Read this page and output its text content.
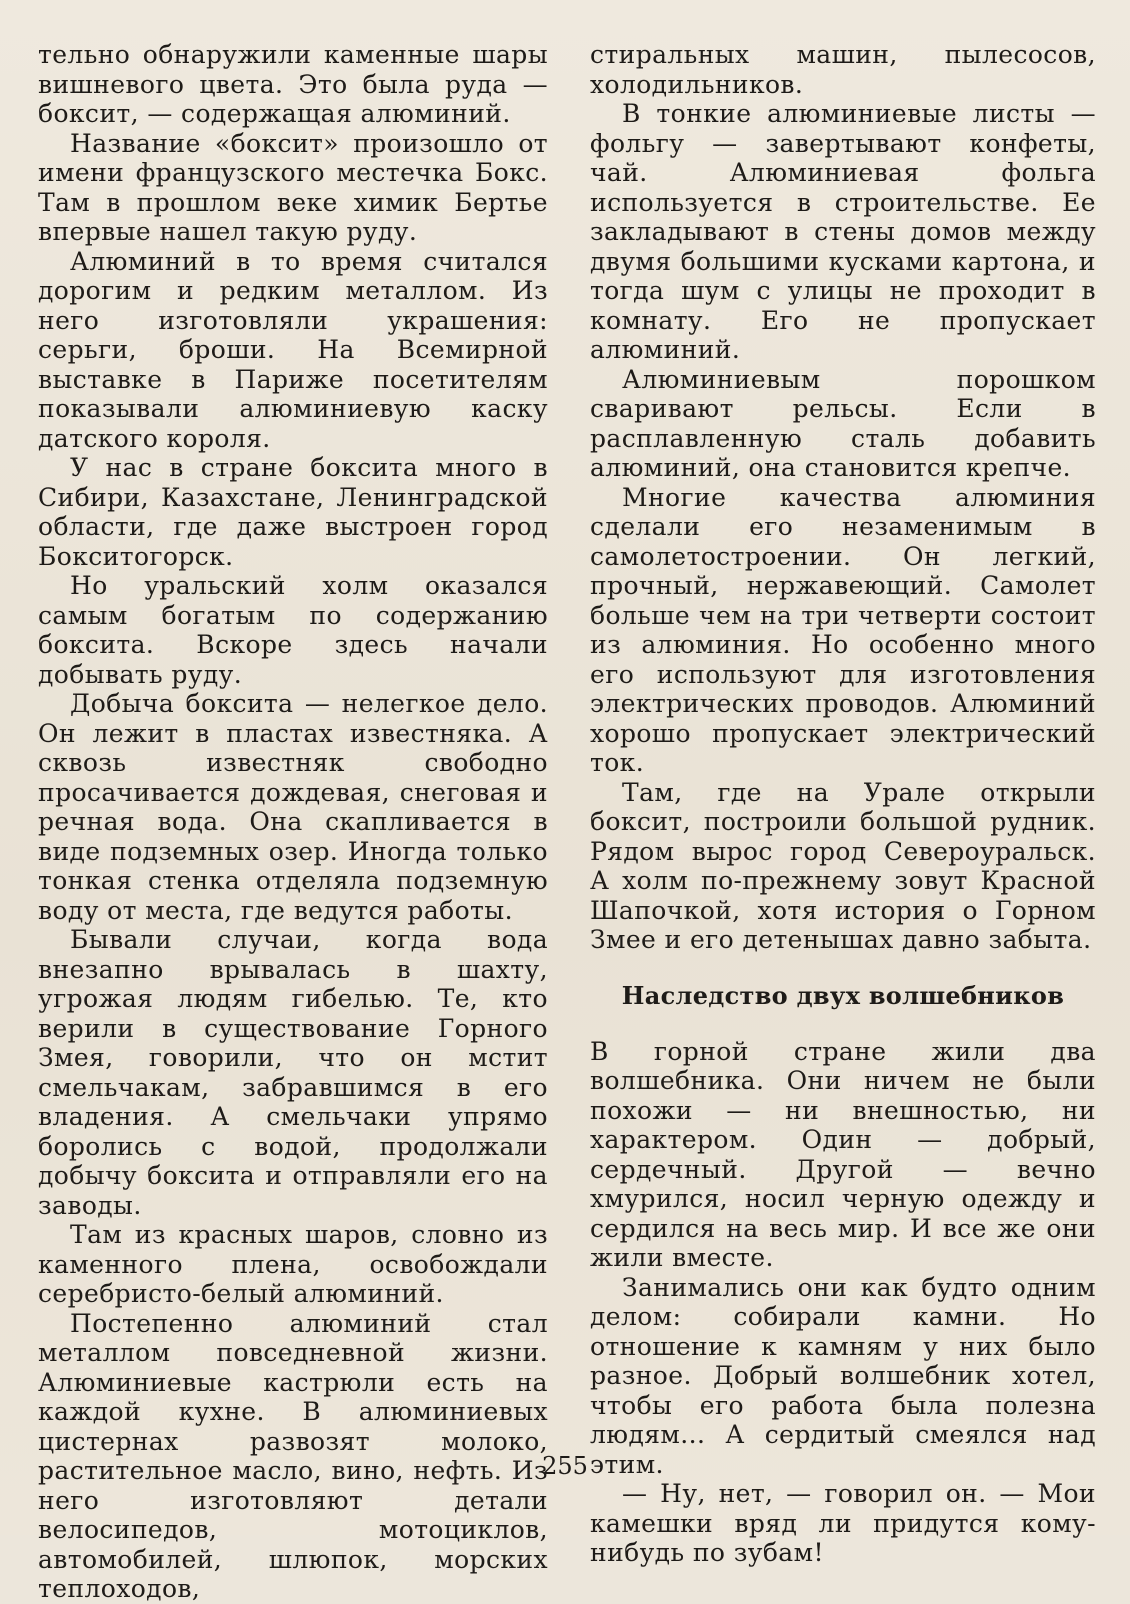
тельно обнаружили каменные шары вишневого цвета. Это была руда — боксит, — содержащая алюминий.

Название «боксит» произошло от имени французского местечка Бокс. Там в прошлом веке химик Бертье впервые нашел такую руду.

Алюминий в то время считался дорогим и редким металлом. Из него изготовляли украшения: серьги, броши. На Всемирной выставке в Париже посетителям показывали алюминиевую каску датского короля.

У нас в стране боксита много в Сибири, Казахстане, Ленинградской области, где даже выстроен город Бокситогорск.

Но уральский холм оказался самым богатым по содержанию боксита. Вскоре здесь начали добывать руду.

Добыча боксита — нелегкое дело. Он лежит в пластах известняка. А сквозь известняк свободно просачивается дождевая, снеговая и речная вода. Она скапливается в виде подземных озер. Иногда только тонкая стенка отделяла подземную воду от места, где ведутся работы.

Бывали случаи, когда вода внезапно врывалась в шахту, угрожая людям гибелью. Те, кто верили в существование Горного Змея, говорили, что он мстит смельчакам, забравшимся в его владения. А смельчаки упрямо боролись с водой, продолжали добычу боксита и отправляли его на заводы.

Там из красных шаров, словно из каменного плена, освобождали серебристо-белый алюминий.

Постепенно алюминий стал металлом повседневной жизни. Алюминиевые кастрюли есть на каждой кухне. В алюминиевых цистернах развозят молоко, растительное масло, вино, нефть. Из него изготовляют детали велосипедов, мотоциклов, автомобилей, шлюпок, морских теплоходов,

стиральных машин, пылесосов, холодильников.

В тонкие алюминиевые листы — фольгу — завертывают конфеты, чай. Алюминиевая фольга используется в строительстве. Ее закладывают в стены домов между двумя большими кусками картона, и тогда шум с улицы не проходит в комнату. Его не пропускает алюминий.

Алюминиевым порошком сваривают рельсы. Если в расплавленную сталь добавить алюминий, она становится крепче.

Многие качества алюминия сделали его незаменимым в самолетостроении. Он легкий, прочный, нержавеющий. Самолет больше чем на три четверти состоит из алюминия. Но особенно много его используют для изготовления электрических проводов. Алюминий хорошо пропускает электрический ток.

Там, где на Урале открыли боксит, построили большой рудник. Рядом вырос город Североуральск. А холм по-прежнему зовут Красной Шапочкой, хотя история о Горном Змее и его детенышах давно забыта.

Наследство двух волшебников

В горной стране жили два волшебника. Они ничем не были похожи — ни внешностью, ни характером. Один — добрый, сердечный. Другой — вечно хмурился, носил черную одежду и сердился на весь мир. И все же они жили вместе.

Занимались они как будто одним делом: собирали камни. Но отношение к камням у них было разное. Добрый волшебник хотел, чтобы его работа была полезна людям... А сердитый смеялся над этим.

— Ну, нет, — говорил он. — Мои камешки вряд ли придутся кому-нибудь по зубам!

255
